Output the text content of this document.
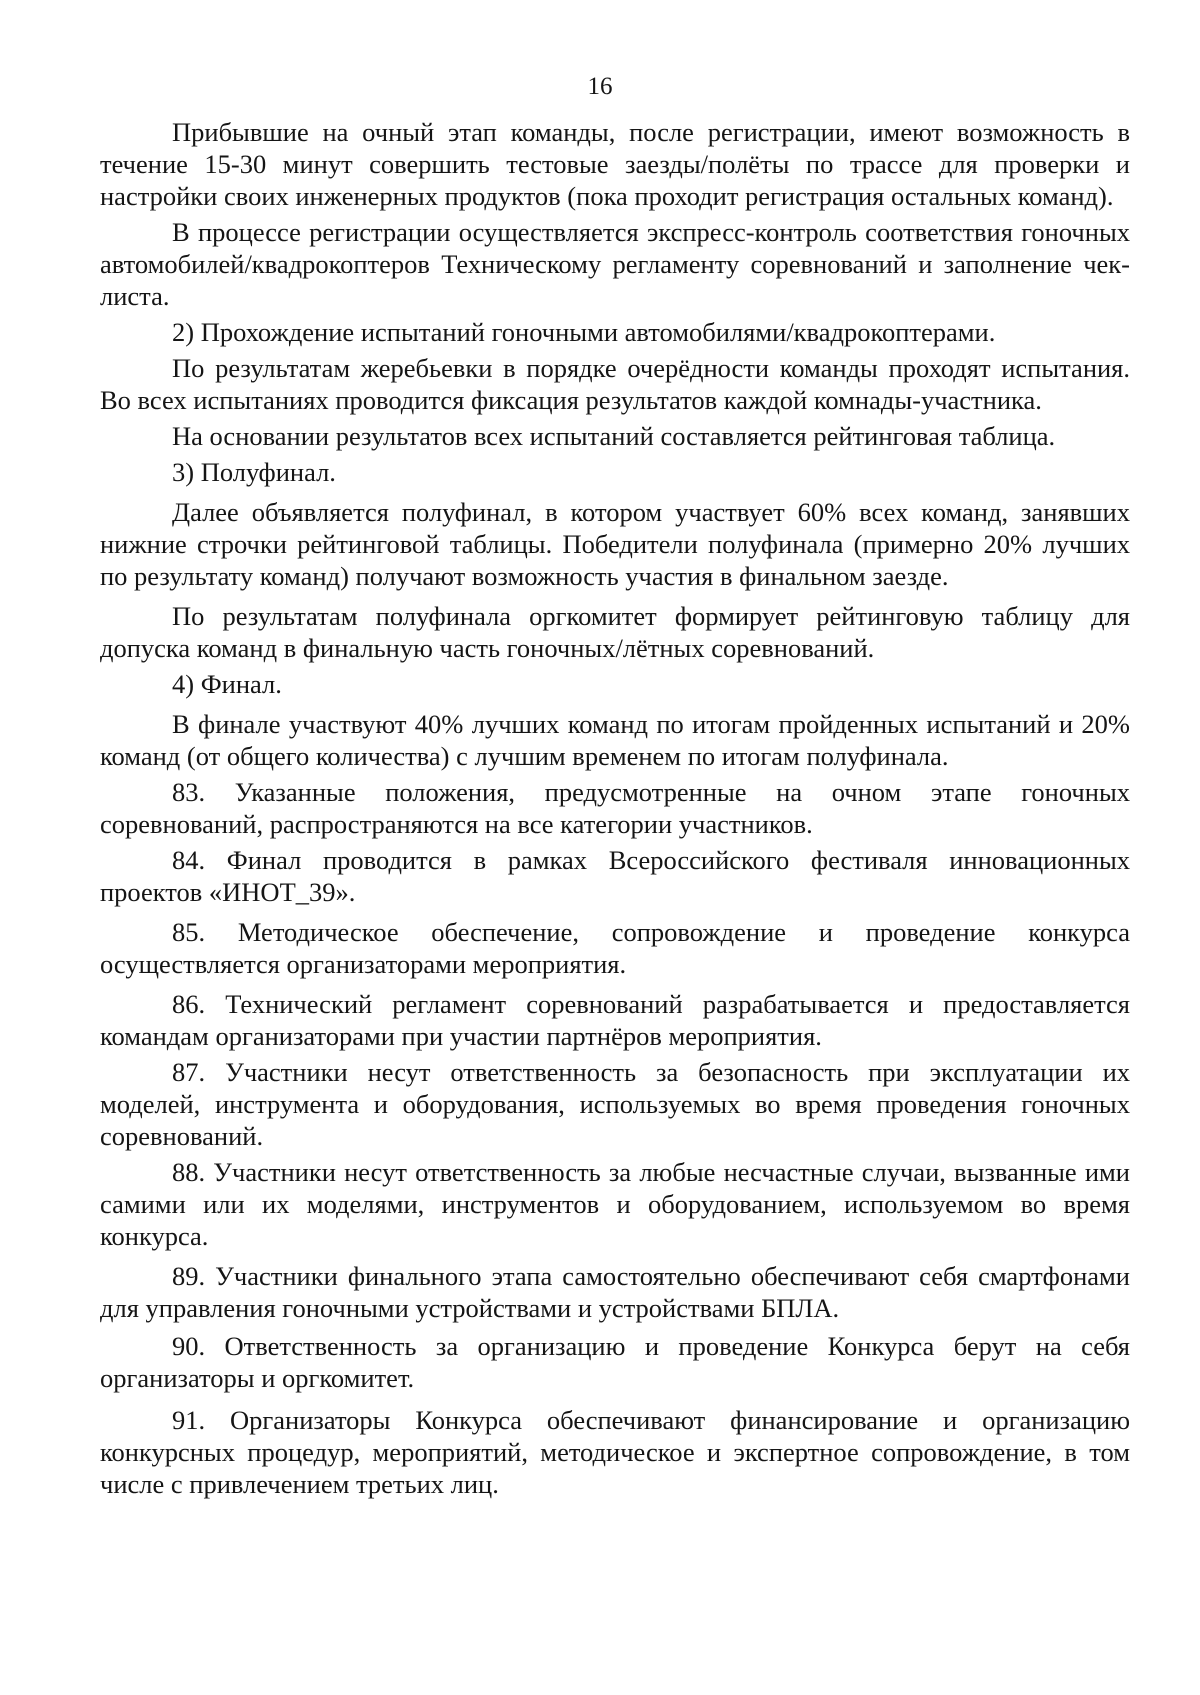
16

Прибывшие на очный этап команды, после регистрации, имеют возможность в течение 15-30 минут совершить тестовые заезды/полёты по трассе для проверки и настройки своих инженерных продуктов (пока проходит регистрация остальных команд).

В процессе регистрации осуществляется экспресс-контроль соответствия гоночных автомобилей/квадрокоптеров Техническому регламенту соревнований и заполнение чек-листа.

2) Прохождение испытаний гоночными автомобилями/квадрокоптерами.

По результатам жеребьевки в порядке очерёдности команды проходят испытания. Во всех испытаниях проводится фиксация результатов каждой комнады-участника.

На основании результатов всех испытаний составляется рейтинговая таблица.

3) Полуфинал.

Далее объявляется полуфинал, в котором участвует 60% всех команд, занявших нижние строчки рейтинговой таблицы. Победители полуфинала (примерно 20% лучших по результату команд) получают возможность участия в финальном заезде.

По результатам полуфинала оргкомитет формирует рейтинговую таблицу для допуска команд в финальную часть гоночных/лётных соревнований.

4) Финал.

В финале участвуют 40% лучших команд по итогам пройденных испытаний и 20% команд (от общего количества) с лучшим временем по итогам полуфинала.

83. Указанные положения, предусмотренные на очном этапе гоночных соревнований, распространяются на все категории участников.

84. Финал проводится в рамках Всероссийского фестиваля инновационных проектов «ИНОТ_39».

85. Методическое обеспечение, сопровождение и проведение конкурса осуществляется организаторами мероприятия.

86. Технический регламент соревнований разрабатывается и предоставляется командам организаторами при участии партнёров мероприятия.

87. Участники несут ответственность за безопасность при эксплуатации их моделей, инструмента и оборудования, используемых во время проведения гоночных соревнований.

88. Участники несут ответственность за любые несчастные случаи, вызванные ими самими или их моделями, инструментов и оборудованием, используемом во время конкурса.

89. Участники финального этапа самостоятельно обеспечивают себя смартфонами для управления гоночными устройствами и устройствами БПЛА.

90. Ответственность за организацию и проведение Конкурса берут на себя организаторы и оргкомитет.

91. Организаторы Конкурса обеспечивают финансирование и организацию конкурсных процедур, мероприятий, методическое и экспертное сопровождение, в том числе с привлечением третьих лиц.
